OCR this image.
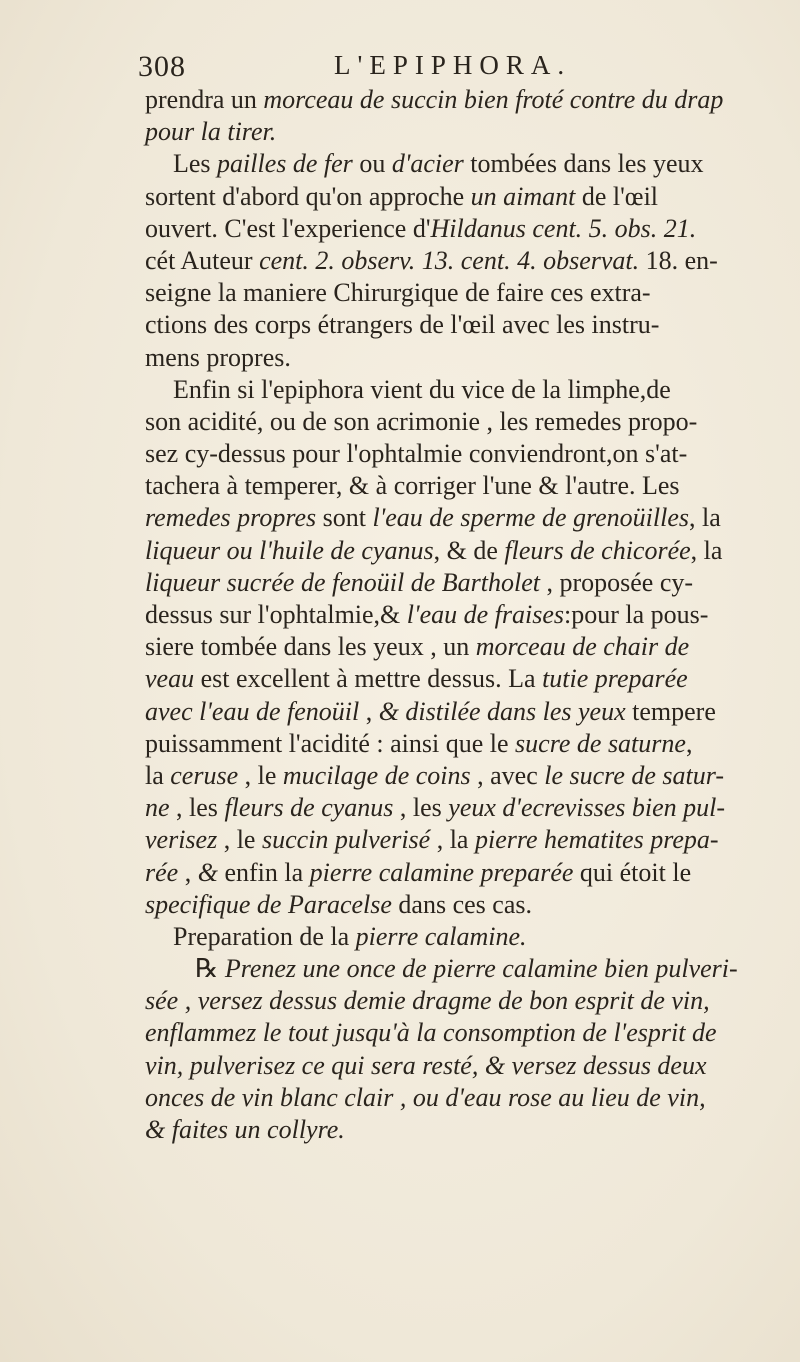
308	L'EPIPHORA.
prendra un morceau de succin bien froté contre du drap
pour la tirer.
Les pailles de fer ou d'acier tombées dans les yeux
sortent d'abord qu'on approche un aimant de l'œil
ouvert. C'est l'experience d'Hildanus cent. 5. obs. 21.
cét Auteur cent. 2. observ. 13. cent. 4. observat. 18. en-
seigne la maniere Chirurgique de faire ces extra-
ctions des corps étrangers de l'œil avec les instru-
mens propres.
Enfin si l'epiphora vient du vice de la limphe,de
son acidité, ou de son acrimonie , les remedes propo-
sez cy-dessus pour l'ophtalmie conviendront,on s'at-
tachera à temperer, & à corriger l'une & l'autre. Les
remedes propres sont l'eau de sperme de grenoüilles, la
liqueur ou l'huile de cyanus, & de fleurs de chicorée, la
liqueur sucrée de fenoüil de Bartholet , proposée cy-
dessus sur l'ophtalmie,& l'eau de fraises:pour la pous-
siere tombée dans les yeux , un morceau de chair de
veau est excellent à mettre dessus. La tutie preparée
avec l'eau de fenoüil , & distilée dans les yeux tempere
puissamment l'acidité : ainsi que le sucre de saturne,
la ceruse , le mucilage de coins , avec le sucre de satur-
ne , les fleurs de cyanus , les yeux d'ecrevisses bien pul-
verisez , le succin pulverisé , la pierre hematites prepa-
rée , & enfin la pierre calamine preparée qui étoit le
specifique de Paracelse dans ces cas.
Preparation de la pierre calamine.
℞ Prenez une once de pierre calamine bien pulveri-
sée , versez dessus demie dragme de bon esprit de vin,
enflammez le tout jusqu'à la consomption de l'esprit de
vin, pulverisez ce qui sera resté, & versez dessus deux
onces de vin blanc clair , ou d'eau rose au lieu de vin,
& faites un collyre.
